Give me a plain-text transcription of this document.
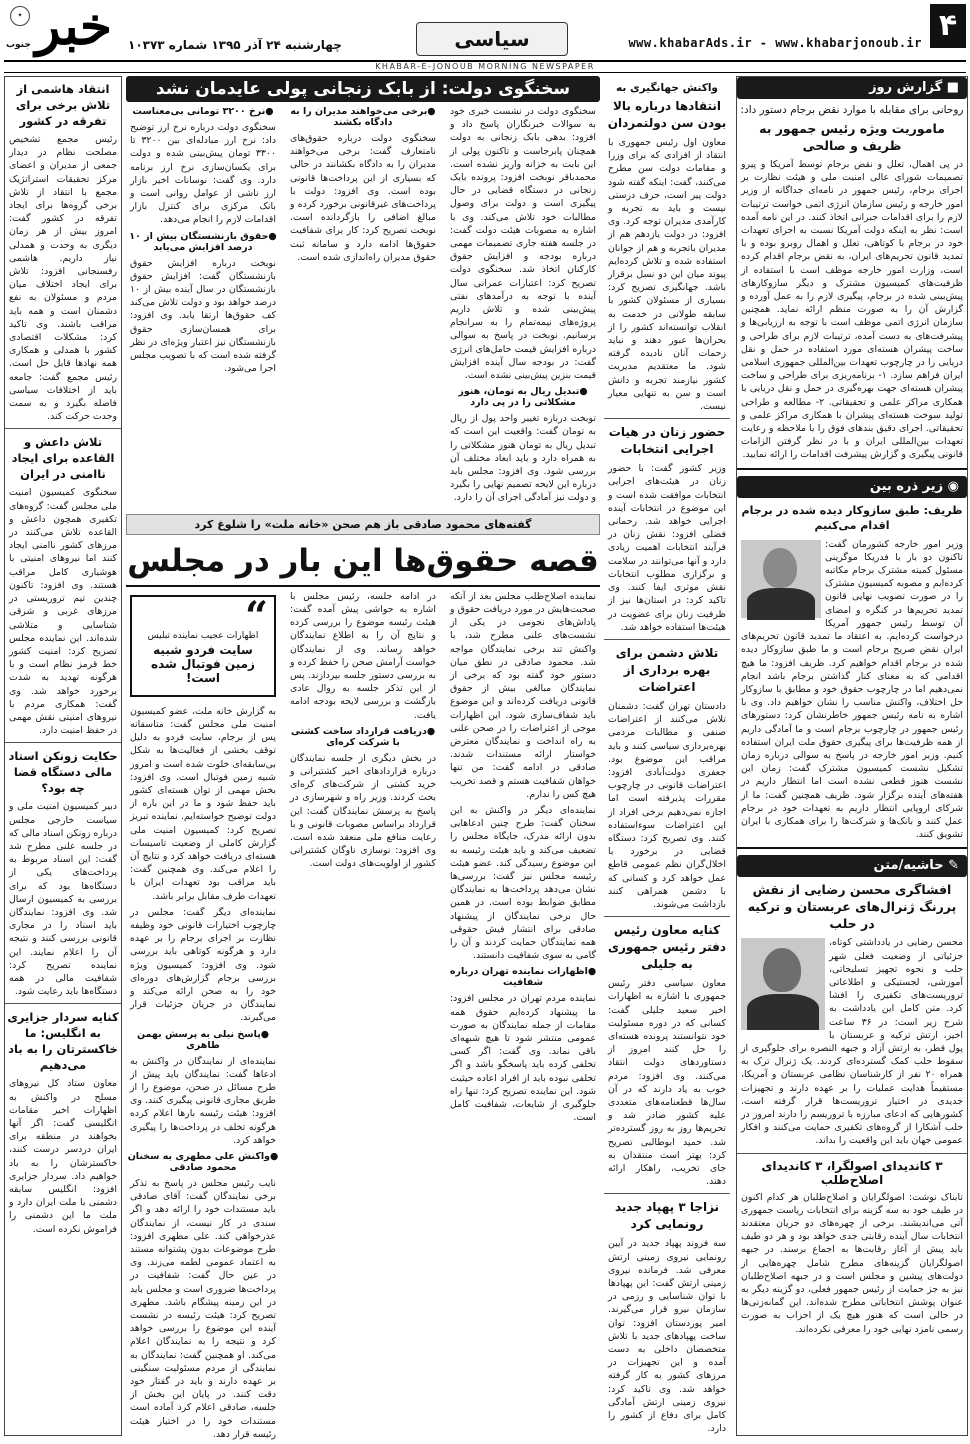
۴
www.khabarAds.ir - www.khabarjonoub.ir
سیاسی
چهارشنبه ۲۴ آذر ۱۳۹۵ شماره ۱۰۳۷۳
خبر
جنوب
✦
KHABAR-E-JONOUB MORNING NEWSPAPER
■ گزارش روز
روحانی برای مقابله با موارد نقض برجام دستور داد:
ماموریت ویژه رئیس جمهور به ظریف و صالحی
در پی اهمال، تعلل و نقض برجام توسط آمریکا و پیرو تصمیمات شورای عالی امنیت ملی و هیئت نظارت بر اجرای برجام، رئیس جمهور در نامه‌ای جداگانه از وزیر امور خارجه و رئیس سازمان انرژی اتمی خواست ترتیبات لازم را برای اقدامات جبرانی اتخاذ کنند. در این نامه آمده است: نظر به اینکه دولت آمریکا نسبت به اجرای تعهدات خود در برجام با کوتاهی، تعلل و اهمال روبرو بوده و با تمدید قانون تحریم‌های ایران، به نقض برجام اقدام کرده است، وزارت امور خارجه موظف است با استفاده از ظرفیت‌های کمیسیون مشترک و دیگر سازوکارهای پیش‌بینی شده در برجام، پیگیری لازم را به عمل آورده و گزارش آن را به صورت منظم ارائه نماید. همچنین سازمان انرژی اتمی موظف است با توجه به ارزیابی‌ها و پیشرفت‌های به دست آمده، ترتیبات لازم برای طراحی و ساخت پیشران هسته‌ای مورد استفاده در حمل و نقل دریایی را در چارچوب تعهدات بین‌المللی جمهوری اسلامی ایران فراهم سازد. ۱- برنامه‌ریزی برای طراحی و ساخت پیشران هسته‌ای جهت بهره‌گیری در حمل و نقل دریایی با همکاری مراکز علمی و تحقیقاتی. ۲- مطالعه و طراحی تولید سوخت هسته‌ای پیشران با همکاری مراکز علمی و تحقیقاتی. اجرای دقیق بندهای فوق را با ملاحظه و رعایت تعهدات بین‌المللی ایران و با در نظر گرفتن الزامات قانونی پیگیری و گزارش پیشرفت اقدامات را ارائه نمایید.
◉ زیر ذره بین
ظریف: طبق سازوکار دیده شده در برجام اقدام می‌کنیم
وزیر امور خارجه کشورمان گفت: تاکنون دو بار با فدریکا موگرینی مسئول کمیته مشترک برجام مکاتبه کرده‌ایم و مصوبه کمیسیون مشترک را در صورت تصویب نهایی قانون تمدید تحریم‌ها در کنگره و امضای آن توسط رئیس جمهور آمریکا درخواست کرده‌ایم. به اعتقاد ما تمدید قانون تحریم‌های ایران نقض صریح برجام است و ما طبق سازوکار دیده شده در برجام اقدام خواهیم کرد. ظریف افزود: ما هیچ اقدامی که به معنای کنار گذاشتن برجام باشد انجام نمی‌دهیم اما در چارچوب حقوق خود و مطابق با سازوکار حل اختلاف، واکنش مناسب را نشان خواهیم داد. وی با اشاره به نامه رئیس جمهور خاطرنشان کرد: دستورهای رئیس جمهور در چارچوب برجام است و ما آمادگی داریم از همه ظرفیت‌ها برای پیگیری حقوق ملت ایران استفاده کنیم. وزیر امور خارجه در پاسخ به سوالی درباره زمان تشکیل نشست کمیسیون مشترک گفت: زمان این نشست هنوز قطعی نشده است اما انتظار داریم در هفته‌های آینده برگزار شود. ظریف همچنین گفت: ما از شرکای اروپایی انتظار داریم به تعهدات خود در برجام عمل کنند و بانک‌ها و شرکت‌ها را برای همکاری با ایران تشویق کنند.
✎ حاشیه/متن
افشاگری محسن رضایی از نقش پررنگ ژنرال‌های عربستان و ترکیه در حلب
محسن رضایی در یادداشتی کوتاه، جزئیاتی از وضعیت فعلی شهر حلب و نحوه تجهیز تسلیحاتی، آموزشی، لجستیکی و اطلاعاتی تروریست‌های تکفیری را افشا کرد. متن کامل این یادداشت به شرح زیر است: در ۳۶ ساعت اخیر، ارتش ترکیه و عربستان با پول قطر، به ارتش آزاد و جبهه النصره برای جلوگیری از سقوط حلب کمک گسترده‌ای کردند. یک ژنرال ترک به همراه ۲۰ نفر از کارشناسان نظامی عربستان و آمریکا، مستقیماً هدایت عملیات را بر عهده دارند و تجهیزات جدیدی در اختیار تروریست‌ها قرار گرفته است. کشورهایی که ادعای مبارزه با تروریسم را دارند امروز در حلب آشکارا از گروه‌های تکفیری حمایت می‌کنند و افکار عمومی جهان باید این واقعیت را بداند.
۳ کاندیدای اصولگرا، ۳ کاندیدای اصلاح‌طلب
تابناک نوشت: اصولگرایان و اصلاح‌طلبان هر کدام اکنون در طیف خود به سه گزینه برای انتخابات ریاست جمهوری آتی می‌اندیشند. برخی از چهره‌های دو جریان معتقدند انتخابات سال آینده رقابتی جدی خواهد بود و هر دو طیف باید پیش از آغاز رقابت‌ها به اجماع برسند. در جبهه اصولگرایان گزینه‌های مطرح شامل چهره‌هایی از دولت‌های پیشین و مجلس است و در جبهه اصلاح‌طلبان نیز به جز حمایت از رئیس جمهور فعلی، دو گزینه دیگر به عنوان پوشش انتخاباتی مطرح شده‌اند. این گمانه‌زنی‌ها در حالی است که هنوز هیچ یک از احزاب به صورت رسمی نامزد نهایی خود را معرفی نکرده‌اند.
واکنش جهانگیری به
انتقادها درباره بالا بودن سن دولتمردان
معاون اول رئیس جمهوری با انتقاد از افرادی که برای وزرا و مقامات دولت سن مطرح می‌کنند، گفت: اینکه گفته شود دولت پیر است، حرف درستی نیست و باید به تجربه و کارآمدی مدیران توجه کرد. وی افزود: در دولت یازدهم هم از مدیران باتجربه و هم از جوانان استفاده شده و تلاش کرده‌ایم پیوند میان این دو نسل برقرار باشد. جهانگیری تصریح کرد: بسیاری از مسئولان کشور با سابقه طولانی در خدمت به انقلاب توانسته‌اند کشور را از بحران‌ها عبور دهند و نباید زحمات آنان نادیده گرفته شود. ما معتقدیم مدیریت کشور نیازمند تجربه و دانش است و سن به تنهایی معیار نیست.
حضور زنان در هیات اجرایی انتخابات
وزیر کشور گفت: با حضور زنان در هیئت‌های اجرایی انتخابات موافقت شده است و این موضوع در انتخابات آینده اجرایی خواهد شد. رحمانی فضلی افزود: نقش زنان در فرآیند انتخابات اهمیت زیادی دارد و آنها می‌توانند در سلامت و برگزاری مطلوب انتخابات نقش موثری ایفا کنند. وی تاکید کرد: در استان‌ها نیز از ظرفیت زنان برای عضویت در هیئت‌ها استفاده خواهد شد.
تلاش دشمن برای بهره برداری از اعتراضات
دادستان تهران گفت: دشمنان تلاش می‌کنند از اعتراضات صنفی و مطالبات مردمی بهره‌برداری سیاسی کنند و باید مراقب این موضوع بود. جعفری دولت‌آبادی افزود: اعتراضات قانونی در چارچوب مقررات پذیرفته است اما اجازه نمی‌دهیم برخی افراد از این اعتراضات سوءاستفاده کنند. وی تصریح کرد: دستگاه قضایی در برخورد با اخلال‌گران نظم عمومی قاطع عمل خواهد کرد و کسانی که با دشمن همراهی کنند بازداشت می‌شوند.
کنایه معاون رئیس دفتر رئیس جمهوری به جلیلی
معاون سیاسی دفتر رئیس جمهوری با اشاره به اظهارات اخیر سعید جلیلی گفت: کسانی که در دوره مسئولیت خود نتوانستند پرونده هسته‌ای را حل کنند امروز از دستاوردهای دولت انتقاد می‌کنند. وی افزود: مردم خوب به یاد دارند که در آن سال‌ها قطعنامه‌های متعددی علیه کشور صادر شد و تحریم‌ها روز به روز گسترده‌تر شد. حمید ابوطالبی تصریح کرد: بهتر است منتقدان به جای تخریب، راهکار ارائه دهند.
نزاجا ۳ پهپاد جدید رونمایی کرد
سه فروند پهپاد جدید در آیین رونمایی نیروی زمینی ارتش معرفی شد. فرمانده نیروی زمینی ارتش گفت: این پهپادها با توان شناسایی و رزمی در سازمان نیرو قرار می‌گیرند. امیر پوردستان افزود: توان ساخت پهپادهای جدید با تلاش متخصصان داخلی به دست آمده و این تجهیزات در مرزهای کشور به کار گرفته خواهد شد. وی تاکید کرد: نیروی زمینی ارتش آمادگی کامل برای دفاع از کشور را دارد.
سخنگوی دولت: از بابک زنجانی پولی عایدمان نشد
سخنگوی دولت در نشست خبری خود به سوالات خبرنگاران پاسخ داد و افزود: بدهی بابک زنجانی به دولت همچنان پابرجاست و تاکنون پولی از این بابت به خزانه واریز نشده است. محمدباقر نوبخت افزود: پرونده بابک زنجانی در دستگاه قضایی در حال پیگیری است و دولت برای وصول مطالبات خود تلاش می‌کند. وی با اشاره به مصوبات هیئت دولت گفت: در جلسه هفته جاری تصمیمات مهمی درباره بودجه و افزایش حقوق کارکنان اتخاذ شد. سخنگوی دولت تصریح کرد: اعتبارات عمرانی سال آینده با توجه به درآمدهای نفتی پیش‌بینی شده و تلاش داریم پروژه‌های نیمه‌تمام را به سرانجام برسانیم. نوبخت در پاسخ به سوالی درباره افزایش قیمت حامل‌های انرژی گفت: در بودجه سال آینده افزایش قیمت بنزین پیش‌بینی نشده است.
●تبدیل ریال به تومان، هنوز مشکلاتی را در پی دارد
توبخت درباره تغییر واحد پول از ریال به تومان گفت: واقعیت این است که تبدیل ریال به تومان هنوز مشکلاتی را به همراه دارد و باید ابعاد مختلف آن بررسی شود. وی افزود: مجلس باید درباره این لایحه تصمیم نهایی را بگیرد و دولت نیز آمادگی اجرای آن را دارد.
●برخی می‌خواهند مدیران را به دادگاه بکشند
سخنگوی دولت درباره حقوق‌های نامتعارف گفت: برخی می‌خواهند مدیران را به دادگاه بکشانند در حالی که بسیاری از این پرداخت‌ها قانونی بوده است. وی افزود: دولت با پرداخت‌های غیرقانونی برخورد کرده و مبالغ اضافی را بازگردانده است. نوبخت تصریح کرد: کار برای شفافیت حقوق‌ها ادامه دارد و سامانه ثبت حقوق مدیران راه‌اندازی شده است.
●نرخ ۳۲۰۰ تومانی بی‌معناست
سخنگوی دولت درباره نرخ ارز توضیح داد: نرخ ارز مبادله‌ای بین ۳۲۰۰ تا ۳۳۰۰ تومان پیش‌بینی شده و دولت برای یکسان‌سازی نرخ ارز برنامه دارد. وی گفت: نوسانات اخیر بازار ارز ناشی از عوامل روانی است و بانک مرکزی برای کنترل بازار اقدامات لازم را انجام می‌دهد.
●حقوق بازنشستگان بیش از ۱۰ درصد افزایش می‌یابد
نوبخت درباره افزایش حقوق بازنشستگان گفت: افزایش حقوق بازنشستگان در سال آینده بیش از ۱۰ درصد خواهد بود و دولت تلاش می‌کند کف حقوق‌ها ارتقا یابد. وی افزود: برای همسان‌سازی حقوق بازنشستگان نیز اعتبار ویژه‌ای در نظر گرفته شده است که با تصویب مجلس اجرا می‌شود.
گفته‌های محمود صادقی باز هم صحن «خانه ملت» را شلوغ کرد
قصه حقوق‌ها این بار در مجلس
نماینده اصلاح‌طلب مجلس بعد از آنکه صحبت‌هایش در مورد دریافت حقوق و پاداش‌های نجومی در یکی از نشست‌های علنی مطرح شد، با واکنش تند برخی نمایندگان مواجه شد. محمود صادقی در نطق میان دستور خود گفته بود که برخی از نمایندگان مبالغی بیش از حقوق قانونی دریافت کرده‌اند و این موضوع باید شفاف‌سازی شود. این اظهارات موجی از اعتراضات را در صحن علنی به راه انداخت و نمایندگان معترض خواستار ارائه مستندات شدند. صادقی در ادامه گفت: من تنها خواهان شفافیت هستم و قصد تخریب هیچ کس را ندارم.
نماینده‌ای دیگر در واکنش به این سخنان گفت: طرح چنین ادعاهایی بدون ارائه مدرک، جایگاه مجلس را تضعیف می‌کند و باید هیئت رئیسه به این موضوع رسیدگی کند. عضو هیئت رئیسه مجلس نیز گفت: بررسی‌ها نشان می‌دهد پرداخت‌ها به نمایندگان مطابق ضوابط بوده است. در همین حال برخی نمایندگان از پیشنهاد صادقی برای انتشار فیش حقوقی همه نمایندگان حمایت کردند و آن را گامی به سوی شفافیت دانستند.
●اظهارات نماینده تهران درباره شفافیت
نماینده مردم تهران در مجلس افزود: ما پیشنهاد کرده‌ایم حقوق همه مقامات از جمله نمایندگان به صورت عمومی منتشر شود تا هیچ شبهه‌ای باقی نماند. وی گفت: اگر کسی تخلفی کرده باید پاسخگو باشد و اگر تخلفی نبوده باید از افراد اعاده حیثیت شود. این نماینده تصریح کرد: تنها راه جلوگیری از شایعات، شفافیت کامل است.
در ادامه جلسه، رئیس مجلس با اشاره به حواشی پیش آمده گفت: هیئت رئیسه موضوع را بررسی کرده و نتایج آن را به اطلاع نمایندگان خواهد رساند. وی از نمایندگان خواست آرامش صحن را حفظ کرده و به بررسی دستور جلسه بپردازند. پس از این تذکر جلسه به روال عادی بازگشت و بررسی لایحه بودجه ادامه یافت.
●دریافت قرارداد ساخت کشتی با شرکت کره‌ای
در بخش دیگری از جلسه نمایندگان درباره قراردادهای اخیر کشتیرانی و خرید کشتی از شرکت‌های کره‌ای بحث کردند. وزیر راه و شهرسازی در پاسخ به پرسش نمایندگان گفت: این قرارداد براساس مصوبات قانونی و با رعایت منافع ملی منعقد شده است. وی افزود: نوسازی ناوگان کشتیرانی کشور از اولویت‌های دولت است.
“
اظهارات عجیب نماینده تبلیس
سایت فردو شبیه زمین فوتبال شده است!
به گزارش خانه ملت، عضو کمیسیون امنیت ملی مجلس گفت: متاسفانه پس از برجام، سایت فردو به دلیل توقف بخشی از فعالیت‌ها به شکل بی‌سابقه‌ای خلوت شده است و امروز شبیه زمین فوتبال است. وی افزود: بخش مهمی از توان هسته‌ای کشور باید حفظ شود و ما در این باره از دولت توضیح خواسته‌ایم. نماینده تبریز تصریح کرد: کمیسیون امنیت ملی گزارش کاملی از وضعیت تاسیسات هسته‌ای دریافت خواهد کرد و نتایج آن را اعلام می‌کند. وی همچنین گفت: باید مراقب بود تعهدات ایران با تعهدات طرف مقابل برابر باشد.
نماینده‌ای دیگر گفت: مجلس در چارچوب اختیارات قانونی خود وظیفه نظارت بر اجرای برجام را بر عهده دارد و هرگونه کوتاهی باید بررسی شود. وی افزود: کمیسیون ویژه بررسی برجام گزارش‌های دوره‌ای خود را به صحن ارائه می‌کند و نمایندگان در جریان جزئیات قرار می‌گیرند.
●پاسخ نیلی به پرسش بهمن طاهری
نماینده‌ای از نمایندگان در واکنش به ادعاها گفت: نمایندگان باید پیش از طرح مسائل در صحن، موضوع را از طریق مجاری قانونی پیگیری کنند. وی افزود: هیئت رئیسه بارها اعلام کرده هرگونه تخلف در پرداخت‌ها را پیگیری خواهد کرد.
●واکنش علی مطهری به سخنان محمود صادقی
نایب رئیس مجلس در پاسخ به تذکر برخی نمایندگان گفت: آقای صادقی باید مستندات خود را ارائه دهد و اگر سندی در کار نیست، از نمایندگان عذرخواهی کند. علی مطهری افزود: طرح موضوعات بدون پشتوانه مستند به اعتماد عمومی لطمه می‌زند. وی در عین حال گفت: شفافیت در پرداخت‌ها ضروری است و مجلس باید در این زمینه پیشگام باشد. مطهری تصریح کرد: هیئت رئیسه در نشست آینده این موضوع را بررسی خواهد کرد و نتیجه را به نمایندگان اعلام می‌کند. او همچنین گفت: نمایندگان به نمایندگی از مردم مسئولیت سنگینی بر عهده دارند و باید در گفتار خود دقت کنند. در پایان این بخش از جلسه، صادقی اعلام کرد آماده است مستندات خود را در اختیار هیئت رئیسه قرار دهد.
انتقاد هاشمی از تلاش برخی برای تفرقه در کشور
رئیس مجمع تشخیص مصلحت نظام در دیدار جمعی از مدیران و اعضای مرکز تحقیقات استراتژیک مجمع با انتقاد از تلاش برخی گروه‌ها برای ایجاد تفرقه در کشور گفت: امروز بیش از هر زمان دیگری به وحدت و همدلی نیاز داریم. هاشمی رفسنجانی افزود: تلاش برای ایجاد اختلاف میان مردم و مسئولان به نفع دشمنان است و همه باید مراقب باشند. وی تاکید کرد: مشکلات اقتصادی کشور با همدلی و همکاری همه نهادها قابل حل است. رئیس مجمع گفت: جامعه باید از اختلافات سیاسی فاصله بگیرد و به سمت وحدت حرکت کند.
تلاش داعش و القاعده برای ایجاد ناامنی در ایران
سخنگوی کمیسیون امنیت ملی مجلس گفت: گروه‌های تکفیری همچون داعش و القاعده تلاش می‌کنند در مرزهای کشور ناامنی ایجاد کنند اما نیروهای امنیتی با هوشیاری کامل مراقب هستند. وی افزود: تاکنون چندین تیم تروریستی در مرزهای غربی و شرقی شناسایی و متلاشی شده‌اند. این نماینده مجلس تصریح کرد: امنیت کشور خط قرمز نظام است و با هرگونه تهدید به شدت برخورد خواهد شد. وی گفت: همکاری مردم با نیروهای امنیتی نقش مهمی در حفظ امنیت دارد.
حکایت زونکن استاد مالی دستگاه قضا چه بود؟
دبیر کمیسیون امنیت ملی و سیاست خارجی مجلس درباره زونکن اسناد مالی که در جلسه علنی مطرح شد گفت: این اسناد مربوط به پرداخت‌های یکی از دستگاه‌ها بود که برای بررسی به کمیسیون ارسال شد. وی افزود: نمایندگان باید اسناد را در مجاری قانونی بررسی کنند و نتیجه آن را اعلام نمایند. این نماینده تصریح کرد: شفافیت مالی در همه دستگاه‌ها باید رعایت شود.
کنایه سردار جزایری به انگلیس: ما خاکسترتان را به باد می‌دهیم
معاون ستاد کل نیروهای مسلح در واکنش به اظهارات اخیر مقامات انگلیسی گفت: اگر آنها بخواهند در منطقه برای ایران دردسر درست کنند، خاکسترشان را به باد خواهیم داد. سردار جزایری افزود: انگلیس سابقه دشمنی با ملت ایران دارد و ملت ما این دشمنی را فراموش نکرده است.
